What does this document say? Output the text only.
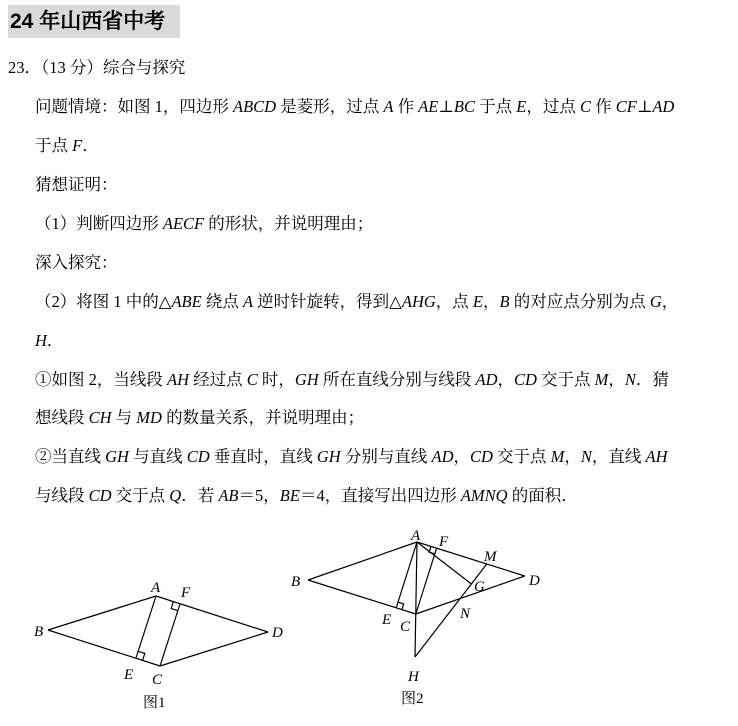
24 年山西省中考
23．（13 分）综合与探究
问题情境：如图 1，四边形 ABCD 是菱形，过点 A 作 AE⊥BC 于点 E，过点 C 作 CF⊥AD
于点 F．
猜想证明：
（1）判断四边形 AECF 的形状，并说明理由；
深入探究：
（2）将图 1 中的△ABE 绕点 A 逆时针旋转，得到△AHG，点 E，B 的对应点分别为点 G，
H．
①如图 2，当线段 AH 经过点 C 时，GH 所在直线分别与线段 AD，CD 交于点 M，N．猜
想线段 CH 与 MD 的数量关系，并说明理由；
②当直线 GH 与直线 CD 垂直时，直线 GH 分别与直线 AD，CD 交于点 M，N，直线 AH
与线段 CD 交于点 Q．若 AB＝5，BE＝4，直接写出四边形 AMNQ 的面积．
A
B
C
D
E
F
图1
A
B
C
D
E
F
G
H
M
N
图2
